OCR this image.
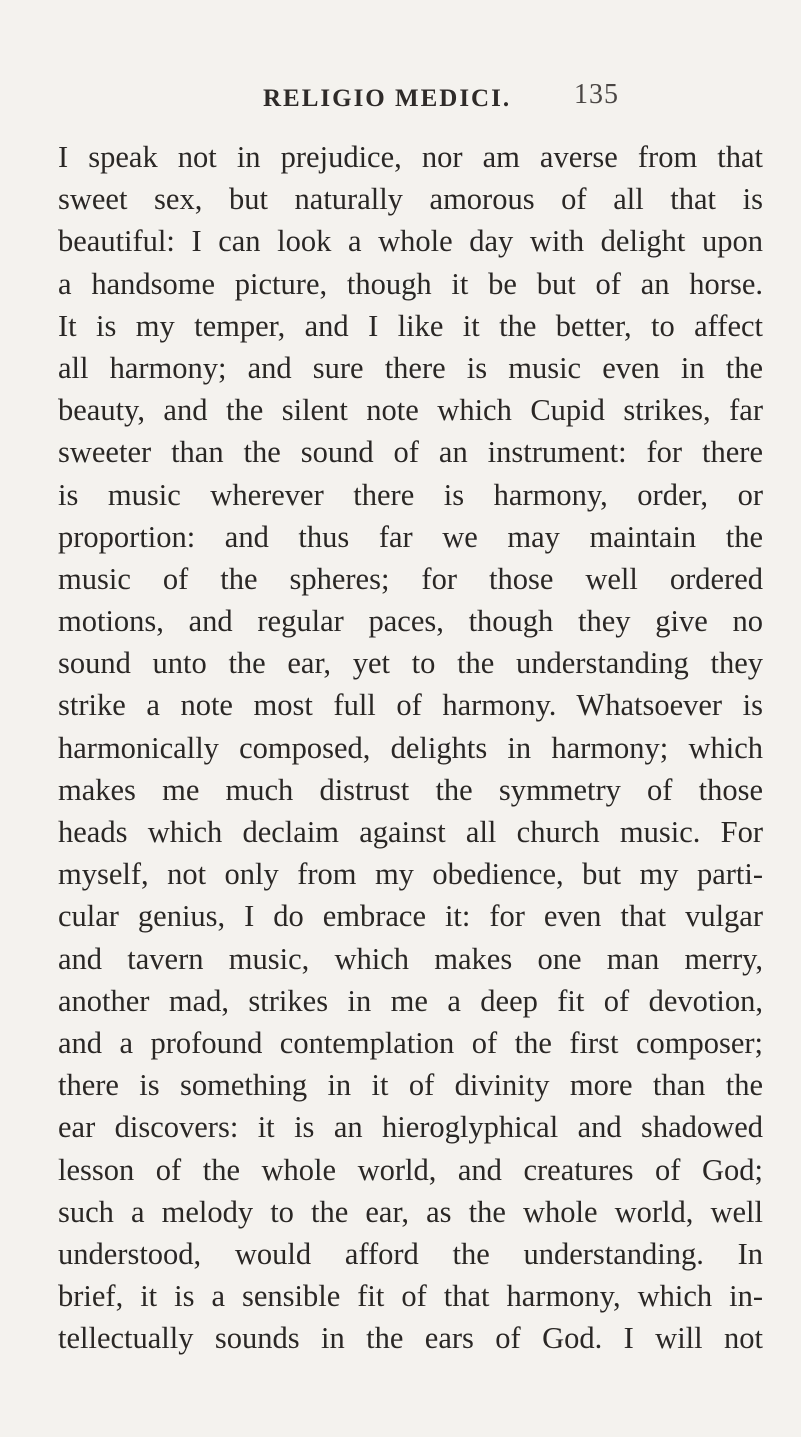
RELIGIO MEDICI. 135
I speak not in prejudice, nor am averse from that
sweet sex, but naturally amorous of all that is
beautiful: I can look a whole day with delight upon
a handsome picture, though it be but of an horse.
It is my temper, and I like it the better, to affect
all harmony; and sure there is music even in the
beauty, and the silent note which Cupid strikes, far
sweeter than the sound of an instrument: for there
is music wherever there is harmony, order, or
proportion: and thus far we may maintain the
music of the spheres; for those well ordered
motions, and regular paces, though they give no
sound unto the ear, yet to the understanding they
strike a note most full of harmony. Whatsoever is
harmonically composed, delights in harmony; which
makes me much distrust the symmetry of those
heads which declaim against all church music. For
myself, not only from my obedience, but my parti-
cular genius, I do embrace it: for even that vulgar
and tavern music, which makes one man merry,
another mad, strikes in me a deep fit of devotion,
and a profound contemplation of the first composer;
there is something in it of divinity more than the
ear discovers: it is an hieroglyphical and shadowed
lesson of the whole world, and creatures of God;
such a melody to the ear, as the whole world, well
understood, would afford the understanding. In
brief, it is a sensible fit of that harmony, which in-
tellectually sounds in the ears of God. I will not
